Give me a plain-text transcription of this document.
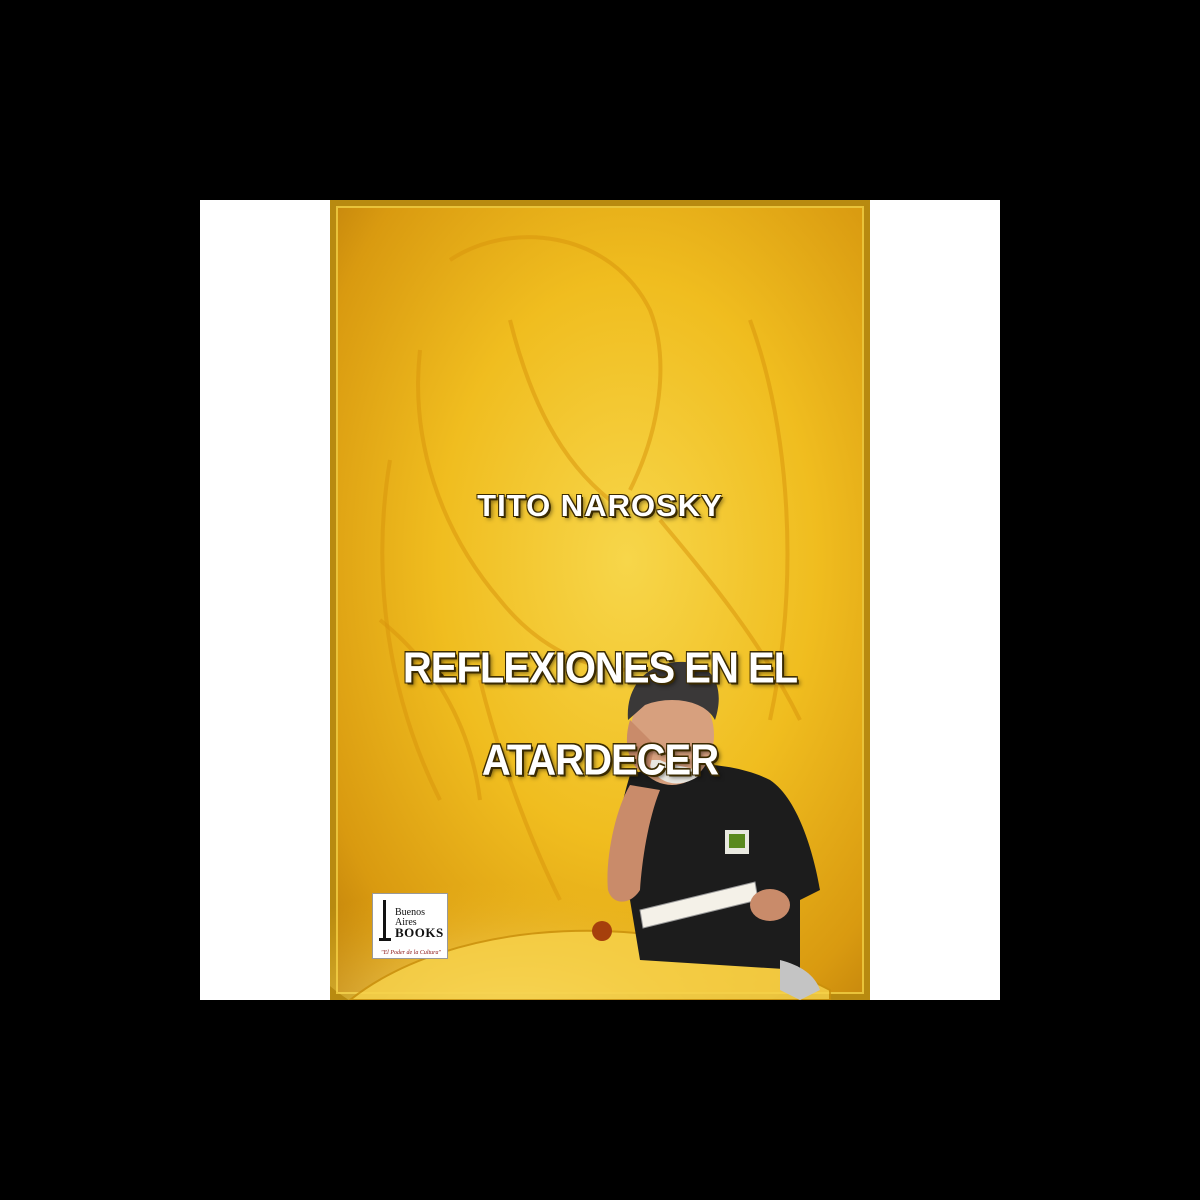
TITO NAROSKY
REFLEXIONES EN EL
ATARDECER
Buenos Aires
BOOKS
"El Poder de la Cultura"
